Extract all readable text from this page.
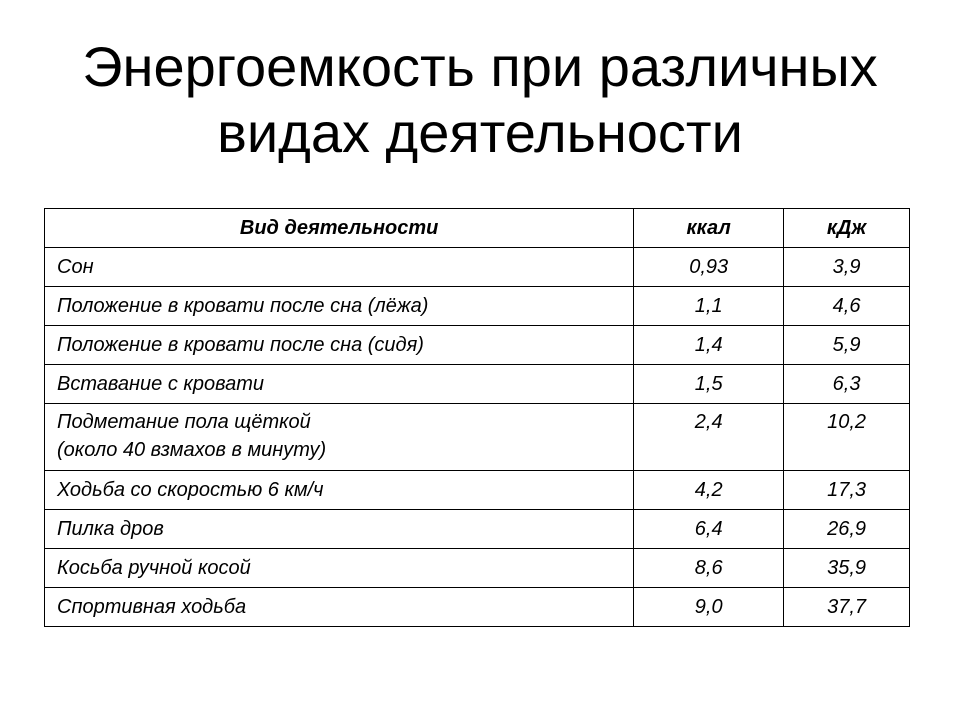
Энергоемкость при различных
видах деятельности
Вид деятельности	ккал	кДж
Сон	0,93	3,9
Положение в кровати после сна (лёжа)	1,1	4,6
Положение в кровати после сна (сидя)	1,4	5,9
Вставание с кровати	1,5	6,3

Подметание пола щёткой
(около 40 взмахов в минуту)	2,4	10,2
Ходьба со скоростью 6 км/ч	4,2	17,3
Пилка дров	6,4	26,9
Косьба ручной косой	8,6	35,9
Спортивная ходьба	9,0	37,7
